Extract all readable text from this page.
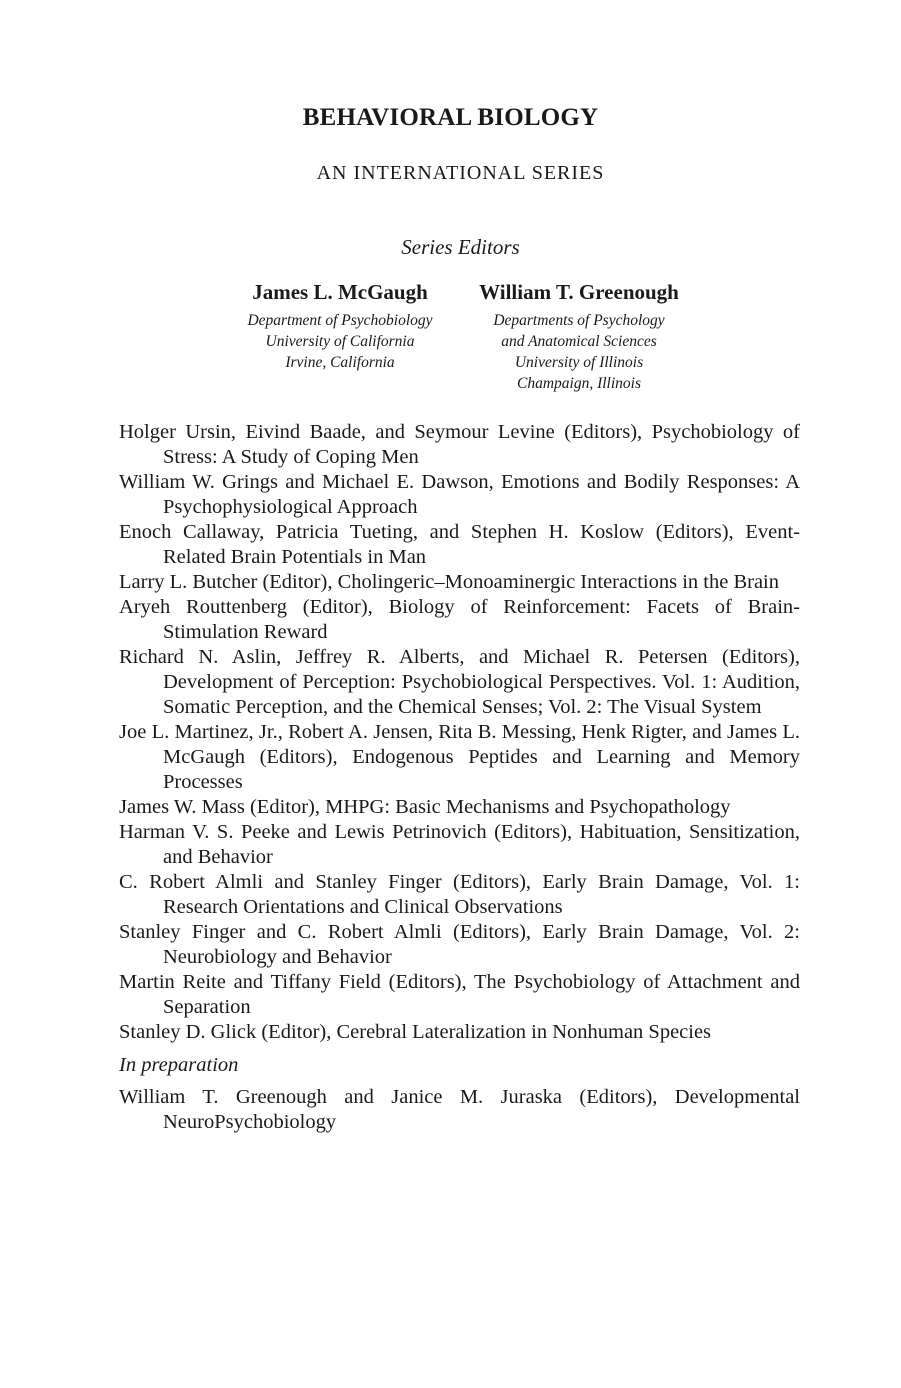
BEHAVIORAL BIOLOGY
AN INTERNATIONAL SERIES
Series Editors
James L. McGaugh
Department of Psychobiology
University of California
Irvine, California
William T. Greenough
Departments of Psychology
and Anatomical Sciences
University of Illinois
Champaign, Illinois
Holger Ursin, Eivind Baade, and Seymour Levine (Editors), Psychobiology of Stress: A Study of Coping Men
William W. Grings and Michael E. Dawson, Emotions and Bodily Responses: A Psychophysiological Approach
Enoch Callaway, Patricia Tueting, and Stephen H. Koslow (Editors), Event-Related Brain Potentials in Man
Larry L. Butcher (Editor), Cholingeric–Monoaminergic Interactions in the Brain
Aryeh Routtenberg (Editor), Biology of Reinforcement: Facets of Brain-Stimulation Reward
Richard N. Aslin, Jeffrey R. Alberts, and Michael R. Petersen (Editors), Development of Perception: Psychobiological Perspectives. Vol. 1: Audition, Somatic Perception, and the Chemical Senses; Vol. 2: The Visual System
Joe L. Martinez, Jr., Robert A. Jensen, Rita B. Messing, Henk Rigter, and James L. McGaugh (Editors), Endogenous Peptides and Learning and Memory Processes
James W. Mass (Editor), MHPG: Basic Mechanisms and Psychopathology
Harman V. S. Peeke and Lewis Petrinovich (Editors), Habituation, Sensitization, and Behavior
C. Robert Almli and Stanley Finger (Editors), Early Brain Damage, Vol. 1: Research Orientations and Clinical Observations
Stanley Finger and C. Robert Almli (Editors), Early Brain Damage, Vol. 2: Neurobiology and Behavior
Martin Reite and Tiffany Field (Editors), The Psychobiology of Attachment and Separation
Stanley D. Glick (Editor), Cerebral Lateralization in Nonhuman Species
In preparation
William T. Greenough and Janice M. Juraska (Editors), Developmental NeuroPsychobiology
